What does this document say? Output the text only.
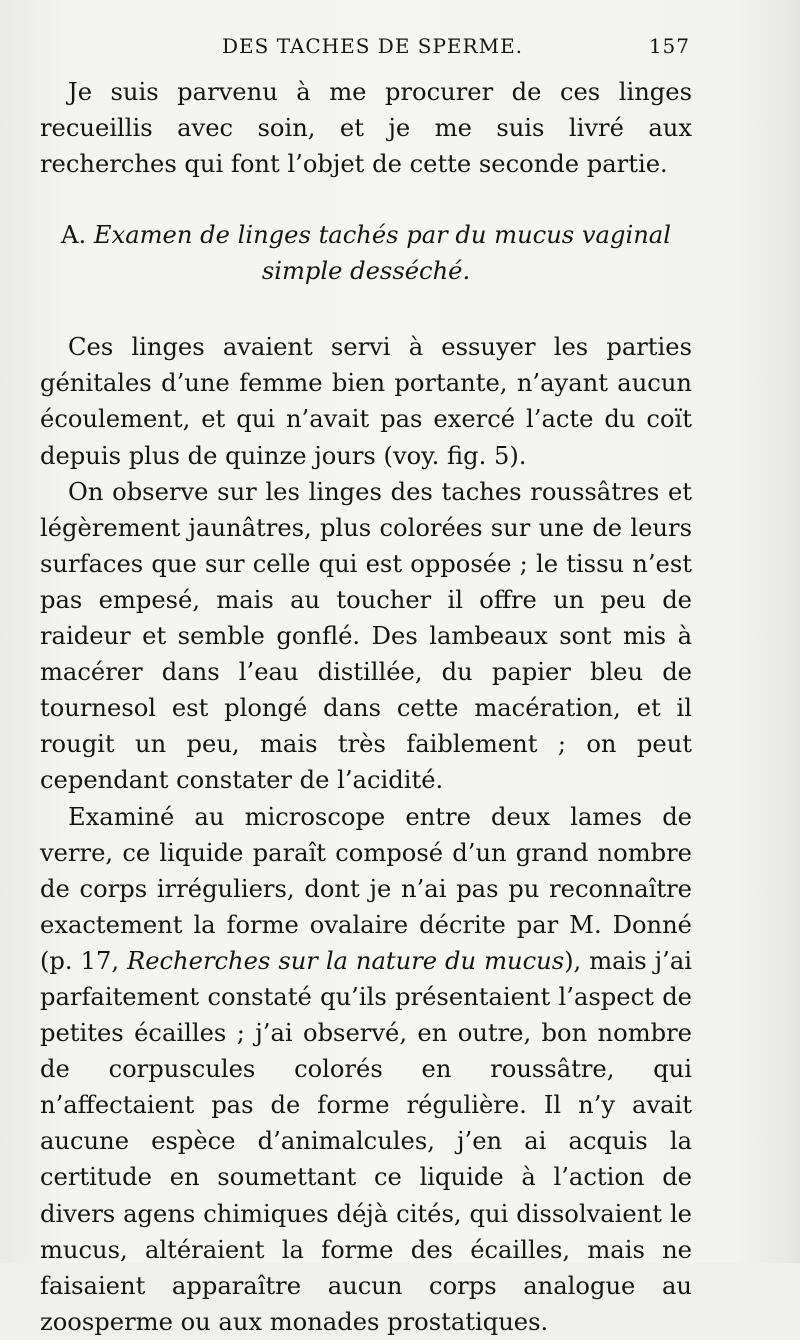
DES TACHES DE SPERME.	157

Je suis parvenu à me procurer de ces linges recueillis avec soin, et je me suis livré aux recherches qui font l’objet de cette seconde partie.

A. Examen de linges tachés par du mucus vaginal simple desséché.

Ces linges avaient servi à essuyer les parties génitales d’une femme bien portante, n’ayant aucun écoulement, et qui n’avait pas exercé l’acte du coït depuis plus de quinze jours (voy. fig. 5).

On observe sur les linges des taches roussâtres et légèrement jaunâtres, plus colorées sur une de leurs surfaces que sur celle qui est opposée ; le tissu n’est pas empesé, mais au toucher il offre un peu de raideur et semble gonflé. Des lambeaux sont mis à macérer dans l’eau distillée, du papier bleu de tournesol est plongé dans cette macération, et il rougit un peu, mais très faiblement ; on peut cependant constater de l’acidité.

Examiné au microscope entre deux lames de verre, ce liquide paraît composé d’un grand nombre de corps irréguliers, dont je n’ai pas pu reconnaître exactement la forme ovalaire décrite par M. Donné (p. 17, Recherches sur la nature du mucus), mais j’ai parfaitement constaté qu’ils présentaient l’aspect de petites écailles ; j’ai observé, en outre, bon nombre de corpuscules colorés en roussâtre, qui n’affectaient pas de forme régulière. Il n’y avait aucune espèce d’animalcules, j’en ai acquis la certitude en soumettant ce liquide à l’action de divers agens chimiques déjà cités, qui dissolvaient le mucus, altéraient la forme des écailles, mais ne faisaient apparaître aucun corps analogue au zoosperme ou aux monades prostatiques.
